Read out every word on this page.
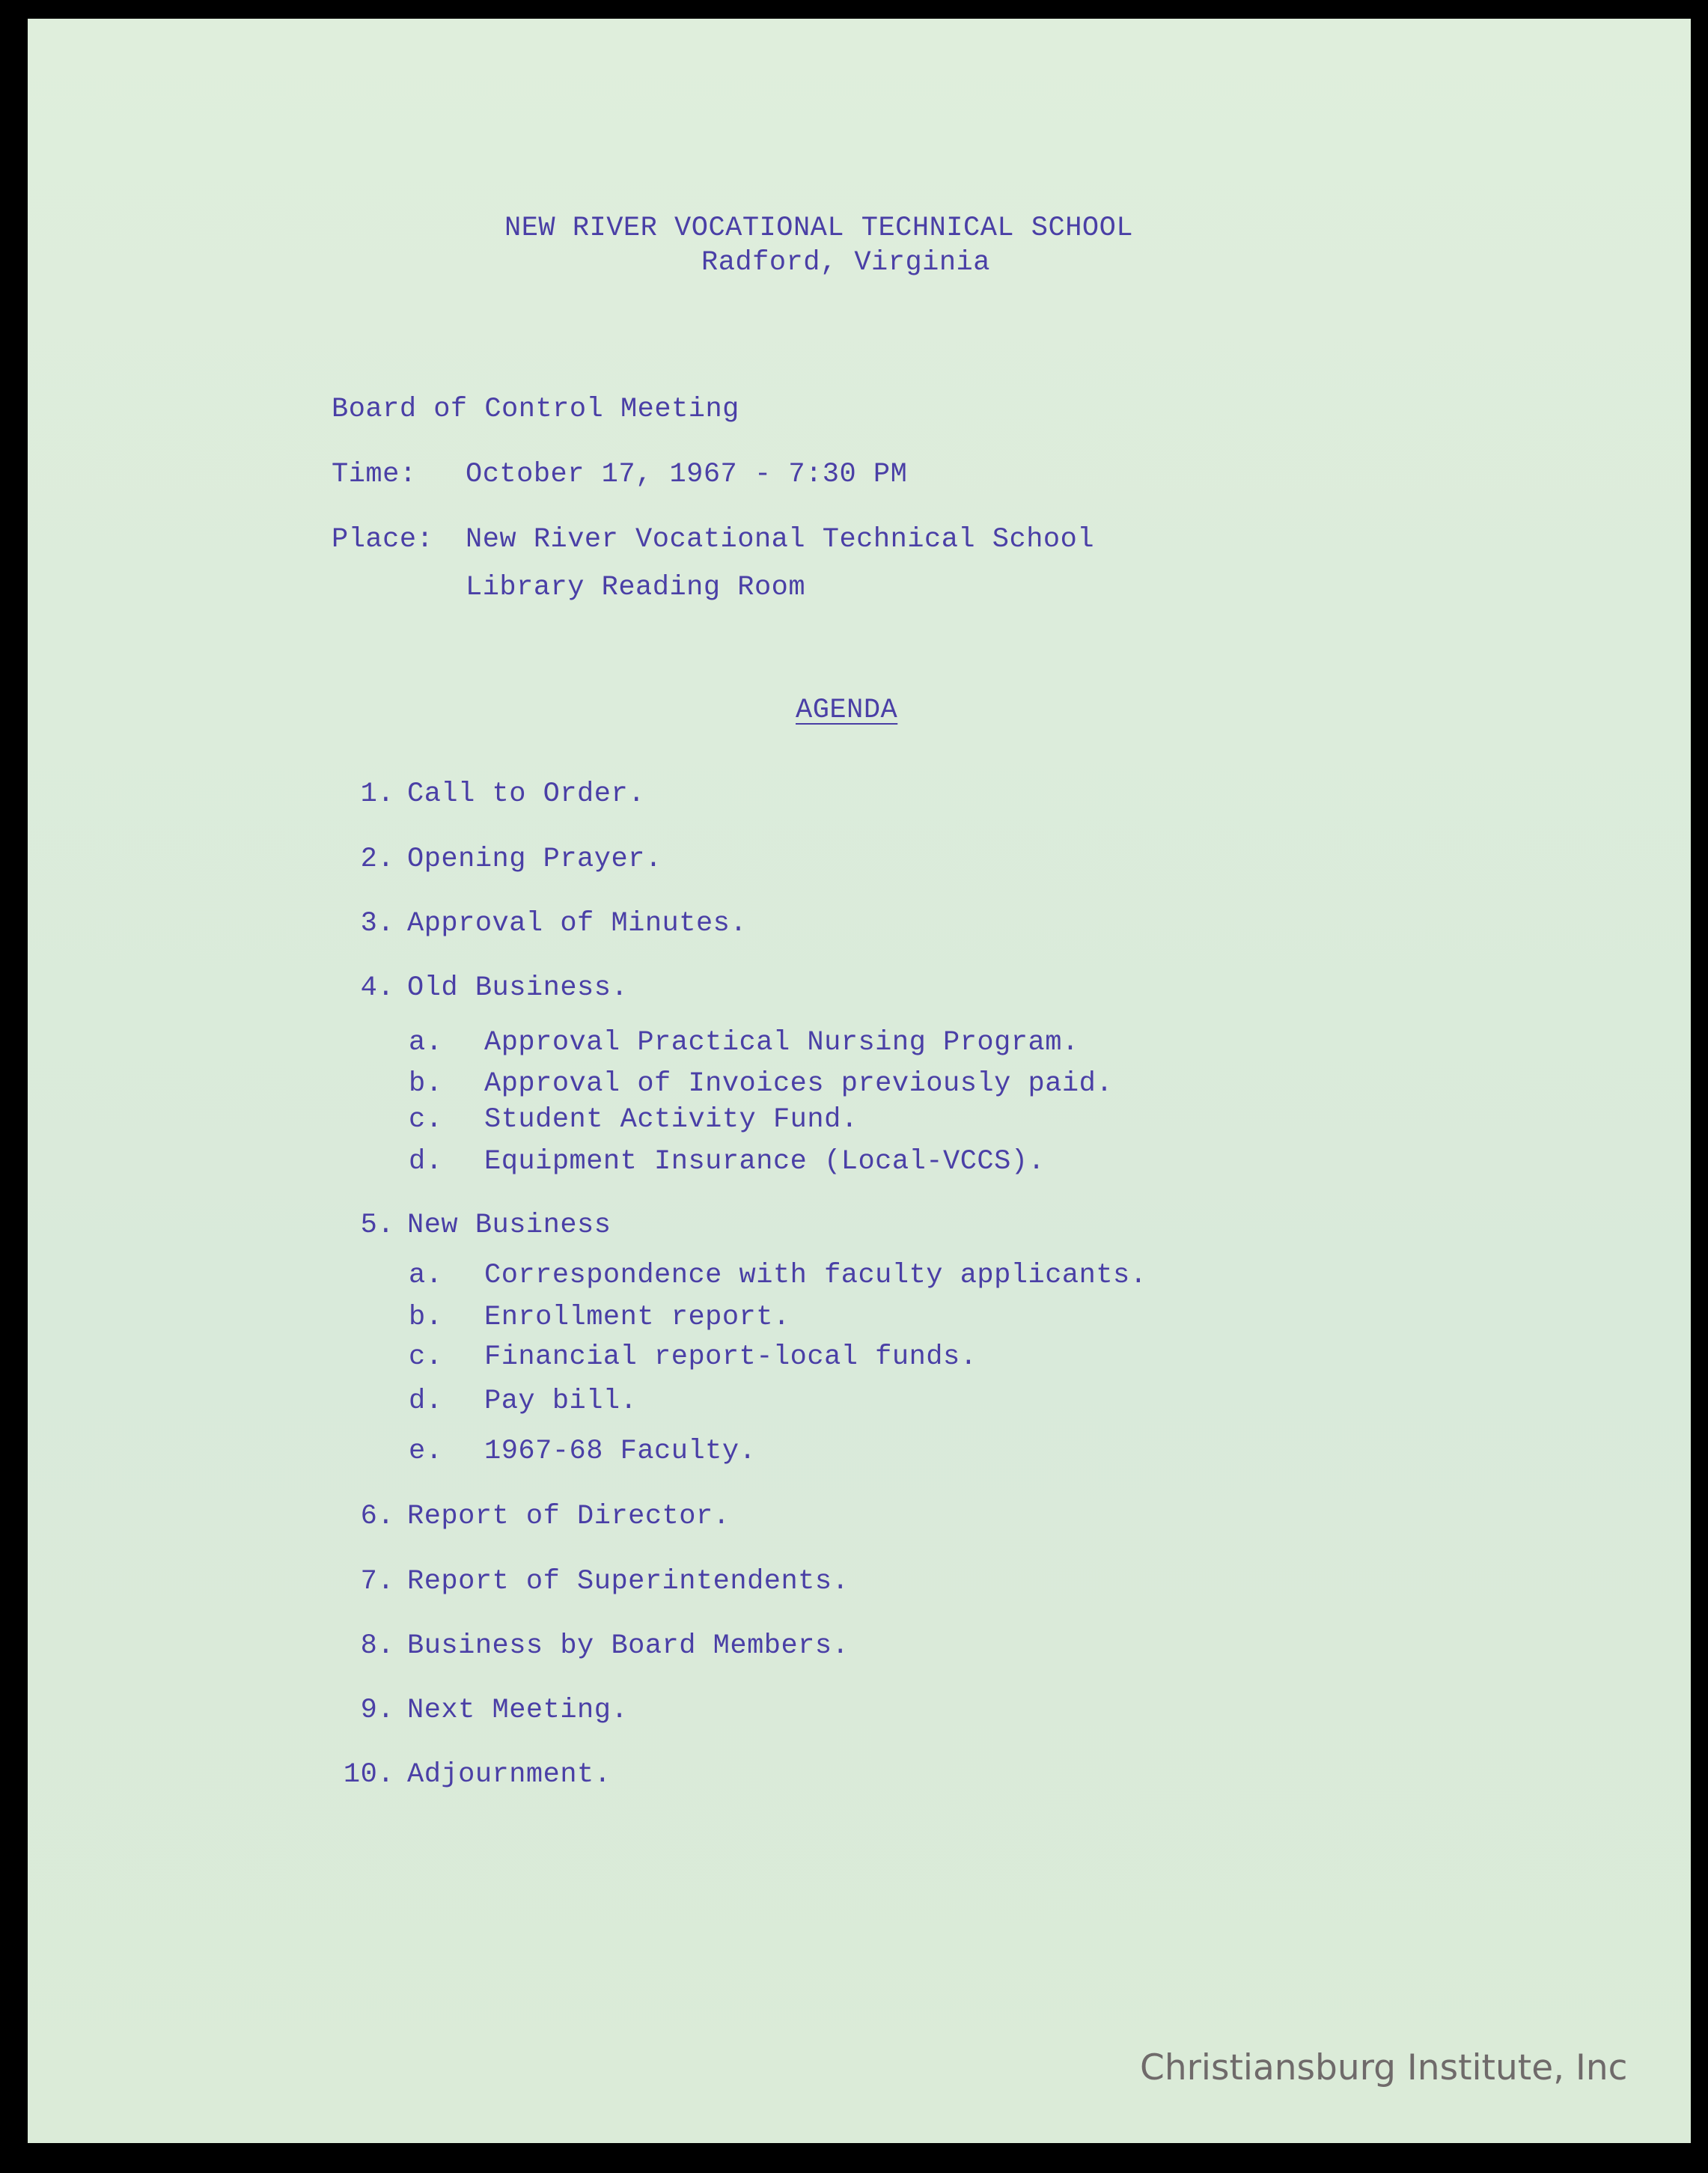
NEW RIVER VOCATIONAL TECHNICAL SCHOOL
Radford, Virginia
Board of Control Meeting
Time: October 17, 1967 - 7:30 PM
Place: New River Vocational Technical School
Library Reading Room
AGENDA
1. Call to Order.
2. Opening Prayer.
3. Approval of Minutes.
4. Old Business.
a. Approval Practical Nursing Program.
b. Approval of Invoices previously paid.
c. Student Activity Fund.
d. Equipment Insurance (Local-VCCS).
5. New Business
a. Correspondence with faculty applicants.
b. Enrollment report.
c. Financial report-local funds.
d. Pay bill.
e. 1967-68 Faculty.
6. Report of Director.
7. Report of Superintendents.
8. Business by Board Members.
9. Next Meeting.
10. Adjournment.
Christiansburg Institute, Inc
